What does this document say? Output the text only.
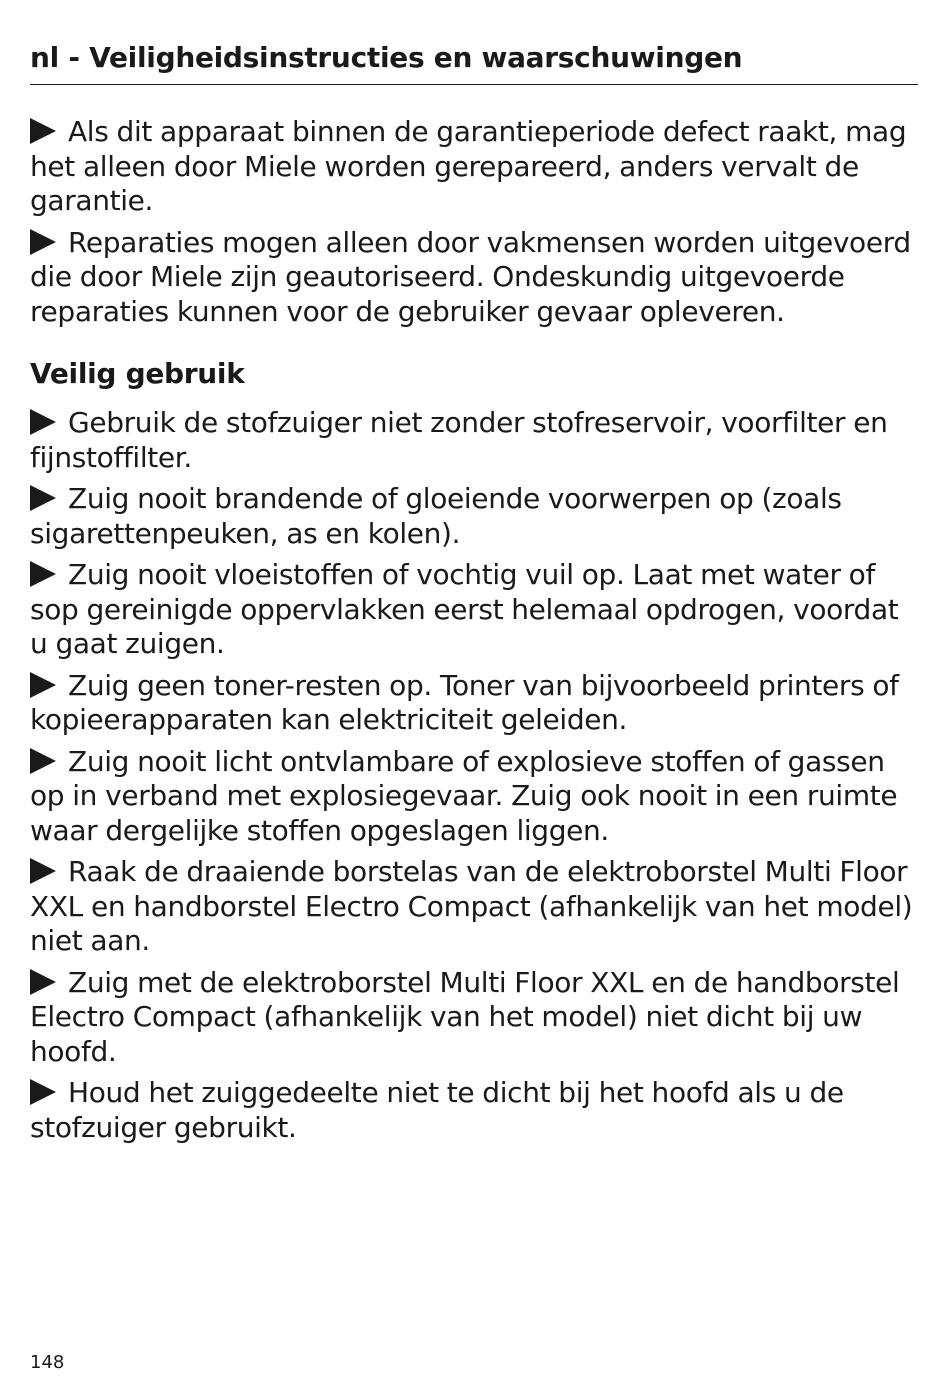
nl - Veiligheidsinstructies en waarschuwingen
Als dit apparaat binnen de garantieperiode defect raakt, mag het alleen door Miele worden gerepareerd, anders vervalt de garantie.
Reparaties mogen alleen door vakmensen worden uitgevoerd die door Miele zijn geautoriseerd. Ondeskundig uitgevoerde reparaties kunnen voor de gebruiker gevaar opleveren.
Veilig gebruik
Gebruik de stofzuiger niet zonder stofreservoir, voorfilter en fijnstoffilter.
Zuig nooit brandende of gloeiende voorwerpen op (zoals sigarettenpeuken, as en kolen).
Zuig nooit vloeistoffen of vochtig vuil op. Laat met water of sop gereinigde oppervlakken eerst helemaal opdrogen, voordat u gaat zuigen.
Zuig geen toner-resten op. Toner van bijvoorbeeld printers of kopieerapparaten kan elektriciteit geleiden.
Zuig nooit licht ontvlambare of explosieve stoffen of gassen op in verband met explosiegevaar. Zuig ook nooit in een ruimte waar dergelijke stoffen opgeslagen liggen.
Raak de draaiende borstelas van de elektroborstel Multi Floor XXL en handborstel Electro Compact (afhankelijk van het model) niet aan.
Zuig met de elektroborstel Multi Floor XXL en de handborstel Electro Compact (afhankelijk van het model) niet dicht bij uw hoofd.
Houd het zuiggedeelte niet te dicht bij het hoofd als u de stofzuiger gebruikt.
148
